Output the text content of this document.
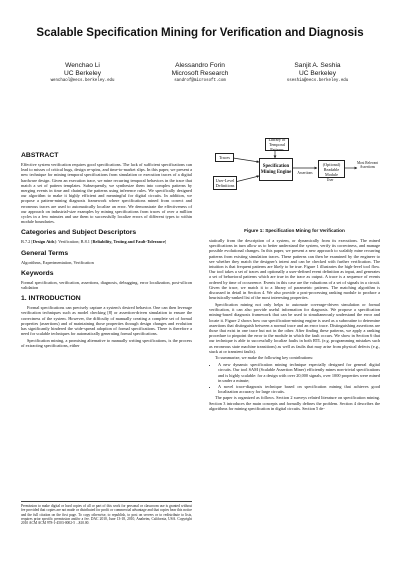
Scalable Specification Mining for Verification and Diagnosis
Wenchao Li
UC Berkeley
wenchaol@eecs.berkeley.edu
Alessandro Forin
Microsoft Research
sandrof@microsoft.com
Sanjit A. Seshia
UC Berkeley
sseshia@eecs.berkeley.edu
ABSTRACT

Effective system verification requires good specifications. The lack of sufficient specifications can lead to misses of critical bugs, design re-spins, and time-to-market slips. In this paper, we present a new technique for mining temporal specifications from simulation or execution traces of a digital hardware design. Given an execution trace, we mine recurring temporal behaviors in the trace that match a set of pattern templates. Subsequently, we synthesize them into complex patterns by merging events in time and chaining the patterns using inference rules. We specifically designed our algorithm to make it highly efficient and meaningful for digital circuits. In addition, we propose a pattern-mining diagnosis framework where specifications mined from correct and erroneous traces are used to automatically localize an error. We demonstrate the effectiveness of our approach on industrial-size examples by mining specifications from traces of over a million cycles in a few minutes and use them to successfully localize errors of different types to within module boundaries.

Categories and Subject Descriptors

B.7.2 [Design Aids]: Verification; B.8.1 [Reliability, Testing and Fault-Tolerance]

General Terms

Algorithms, Experimentation, Verification

Keywords

Formal specification, verification, assertions, diagnosis, debugging, error localization, post-silicon validation

1. INTRODUCTION

Formal specifications can precisely capture a system's desired behavior. One can then leverage verification techniques such as model checking [8] or assertion-driven simulation to ensure the correctness of the system. However, the difficulty of manually creating a complete set of formal properties (assertions) and of maintaining those properties through design changes and evolution has significantly hindered the wide-spread adoption of formal specifications. There is therefore a need for scalable techniques for automatically generating formal specifications.

Specification mining, a promising alternative to manually writing specifications, is the process of extracting specifications, either

Permission to make digital or hard copies of all or part of this work for personal or classroom use is granted without fee provided that copies are not made or distributed for profit or commercial advantage and that copies bear this notice and the full citation on the first page. To copy otherwise, to republish, to post on servers or to redistribute to lists, requires prior specific permission and/or a fee. DAC 2010, June 13-18, 2010, Anaheim, California, USA. Copyright 2010 ACM ACM 978-1-4503-0002-5 ...$10.00.
Library of Temporal Patterns
Traces
User-Level Definitions
Specification Mining Engine	Assertions
(Optional) Readable Module
Most Relevant Assertions
User
Figure 1: Specification Mining for Verification

statically from the description of a system, or dynamically from its executions. The mined specifications in turn allow us to better understand the system, verify its correctness, and manage possible evolutional changes. In this paper, we present a new approach to scalably mine recurring patterns from existing simulation traces. These patterns can then be examined by the engineer to see whether they match the designer's intent and can be checked with further verification. The intuition is that frequent patterns are likely to be true. Figure 1 illustrates the high-level tool flow. Our tool takes a set of traces and optionally a user-defined event definition as input, and generates a set of behavioral patterns which are true in the trace as output. A trace is a sequence of events ordered by time of occurrence. Events in this case are the valuations of a set of signals in a circuit. Given the trace, we match it to a library of parametric patterns. The matching algorithm is discussed in detail in Section 4. We also provide a post-processing ranking module to produce a heuristically-ranked list of the most interesting properties.

Specification mining not only helps to automate coverage-driven simulation or formal verification, it can also provide useful information for diagnosis. We propose a specification mining-based diagnosis framework that can be used to simultaneously understand the error and locate it. Figure 2 shows how our specification-mining engine is used as a subroutine to determine assertions that distinguish between a normal trace and an error trace. Distinguishing assertions are those that exist in one trace but not in the other. After finding these patterns, we apply a ranking procedure to pinpoint the error to the module in which the fault occurs. We show in Section 6 that our technique is able to successfully localize faults in both RTL (e.g. programming mistakes such as erroneous state machine transitions) as well as faults that may arise from physical defects (e.g., stuck at or transient faults).

To summarize, we make the following key contributions:

• A new dynamic specification mining technique especially designed for general digital circuits. Our tool SAM (Scalable Assertion Miner) efficiently mines non-trivial specifications and is highly scalable: for a design with over 20,000 signals, over 1000 properties were mined in under a minute;
• A novel trace-diagnosis technique based on specification mining that achieves good localization accuracy for large circuits.

The paper is organized as follows. Section 2 surveys related literature on specification mining. Section 3 introduces the main concepts and formally defines the problem. Section 4 describes the algorithms for mining specification in digital circuits. Section 5 de-
